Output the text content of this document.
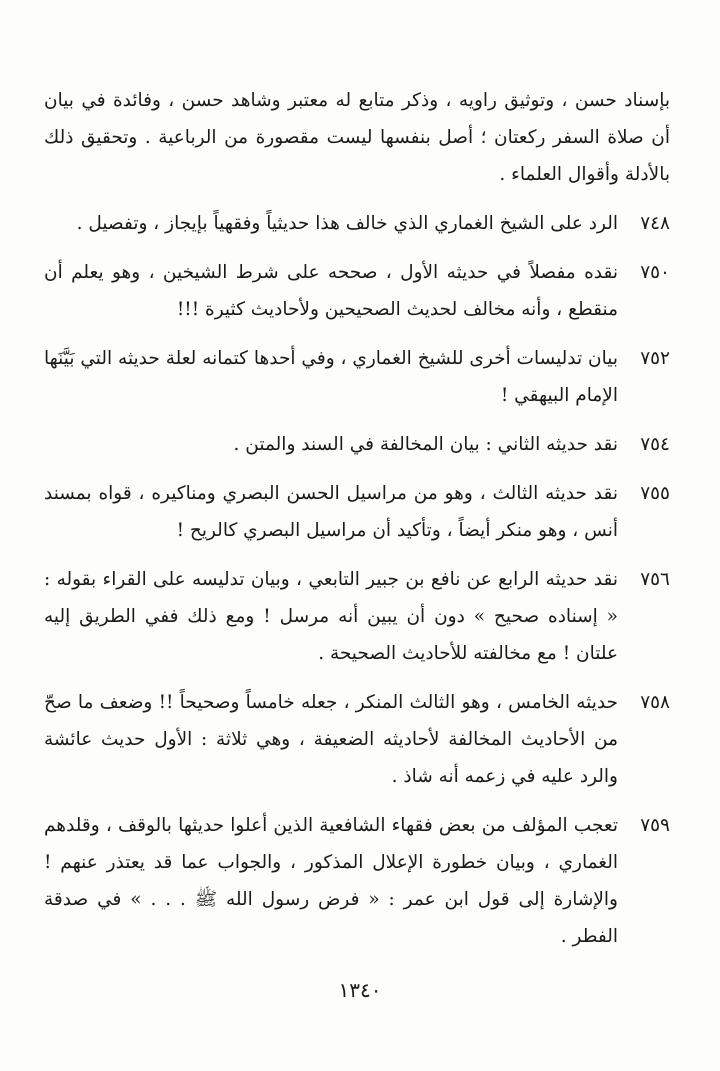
بإسناد حسن ، وتوثيق راويه ، وذكر متابع له معتبر وشاهد حسن ، وفائدة في بيان أن صلاة السفر ركعتان ؛ أصل بنفسها ليست مقصورة من الرباعية . وتحقيق ذلك بالأدلة وأقوال العلماء .

٧٤٨
الرد على الشيخ الغماري الذي خالف هذا حديثياً وفقهياً بإيجاز ، وتفصيل .
٧٥٠
نقده مفصلاً في حديثه الأول ، صححه على شرط الشيخين ، وهو يعلم أن منقطع ، وأنه مخالف لحديث الصحيحين ولأحاديث كثيرة !!!
٧٥٢
بيان تدليسات أخرى للشيخ الغماري ، وفي أحدها كتمانه لعلة حديثه التي بَيَّنَها الإمام البيهقي !
٧٥٤
نقد حديثه الثاني : بيان المخالفة في السند والمتن .
٧٥٥
نقد حديثه الثالث ، وهو من مراسيل الحسن البصري ومناكيره ، قواه بمسند أنس ، وهو منكر أيضاً ، وتأكيد أن مراسيل البصري كالريح !
٧٥٦
نقد حديثه الرابع عن نافع بن جبير التابعي ، وبيان تدليسه على القراء بقوله : « إسناده صحيح » دون أن يبين أنه مرسل ! ومع ذلك ففي الطريق إليه علتان ! مع مخالفته للأحاديث الصحيحة .
٧٥٨
حديثه الخامس ، وهو الثالث المنكر ، جعله خامساً وصحيحاً !! وضعف ما صحّ من الأحاديث المخالفة لأحاديثه الضعيفة ، وهي ثلاثة : الأول حديث عائشة والرد عليه في زعمه أنه شاذ .
٧٥٩
تعجب المؤلف من بعض فقهاء الشافعية الذين أعلوا حديثها بالوقف ، وقلدهم الغماري ، وبيان خطورة الإعلال المذكور ، والجواب عما قد يعتذر عنهم ! والإشارة إلى قول ابن عمر : « فرض رسول الله ﷺ . . . » في صدقة الفطر .
١٣٤٠
